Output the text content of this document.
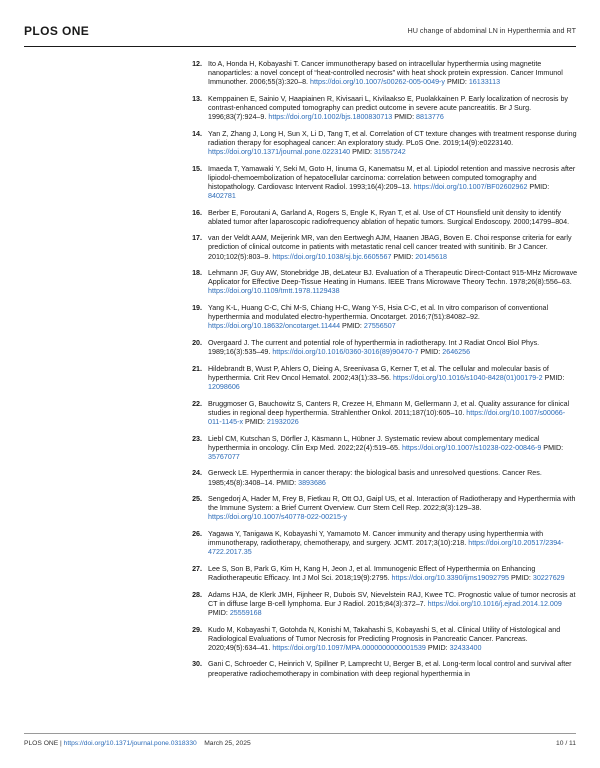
PLOS ONE	HU change of abdominal LN in Hyperthermia and RT
12. Ito A, Honda H, Kobayashi T. Cancer immunotherapy based on intracellular hyperthermia using magnetite nanoparticles: a novel concept of “heat-controlled necrosis” with heat shock protein expression. Cancer Immunol Immunother. 2006;55(3):320–8. https://doi.org/10.1007/s00262-005-0049-y PMID: 16133113
13. Kemppainen E, Sainio V, Haapiainen R, Kivisaari L, Kivilaakso E, Puolakkainen P. Early localization of necrosis by contrast-enhanced computed tomography can predict outcome in severe acute pancreatitis. Br J Surg. 1996;83(7):924–9. https://doi.org/10.1002/bjs.1800830713 PMID: 8813776
14. Yan Z, Zhang J, Long H, Sun X, Li D, Tang T, et al. Correlation of CT texture changes with treatment response during radiation therapy for esophageal cancer: An exploratory study. PLoS One. 2019;14(9):e0223140. https://doi.org/10.1371/journal.pone.0223140 PMID: 31557242
15. Imaeda T, Yamawaki Y, Seki M, Goto H, Iinuma G, Kanematsu M, et al. Lipiodol retention and massive necrosis after lipiodol-chemoembolization of hepatocellular carcinoma: correlation between computed tomography and histopathology. Cardiovasc Intervent Radiol. 1993;16(4):209–13. https://doi.org/10.1007/BF02602962 PMID: 8402781
16. Berber E, Foroutani A, Garland A, Rogers S, Engle K, Ryan T, et al. Use of CT Hounsfield unit density to identify ablated tumor after laparoscopic radiofrequency ablation of hepatic tumors. Surgical Endoscopy. 2000;14799–804.
17. van der Veldt AAM, Meijerink MR, van den Eertwegh AJM, Haanen JBAG, Boven E. Choi response criteria for early prediction of clinical outcome in patients with metastatic renal cell cancer treated with sunitinib. Br J Cancer. 2010;102(5):803–9. https://doi.org/10.1038/sj.bjc.6605567 PMID: 20145618
18. Lehmann JF, Guy AW, Stonebridge JB, deLateur BJ. Evaluation of a Therapeutic Direct-Contact 915-MHz Microwave Applicator for Effective Deep-Tissue Heating in Humans. IEEE Trans Microwave Theory Techn. 1978;26(8):556–63. https://doi.org/10.1109/tmtt.1978.1129438
19. Yang K-L, Huang C-C, Chi M-S, Chiang H-C, Wang Y-S, Hsia C-C, et al. In vitro comparison of conventional hyperthermia and modulated electro-hyperthermia. Oncotarget. 2016;7(51):84082–92. https://doi.org/10.18632/oncotarget.11444 PMID: 27556507
20. Overgaard J. The current and potential role of hyperthermia in radiotherapy. Int J Radiat Oncol Biol Phys. 1989;16(3):535–49. https://doi.org/10.1016/0360-3016(89)90470-7 PMID: 2646256
21. Hildebrandt B, Wust P, Ahlers O, Dieing A, Sreenivasa G, Kerner T, et al. The cellular and molecular basis of hyperthermia. Crit Rev Oncol Hematol. 2002;43(1):33–56. https://doi.org/10.1016/s1040-8428(01)00179-2 PMID: 12098606
22. Bruggmoser G, Bauchowitz S, Canters R, Crezee H, Ehmann M, Gellermann J, et al. Quality assurance for clinical studies in regional deep hyperthermia. Strahlenther Onkol. 2011;187(10):605–10. https://doi.org/10.1007/s00066-011-1145-x PMID: 21932026
23. Liebl CM, Kutschan S, Dörfler J, Käsmann L, Hübner J. Systematic review about complementary medical hyperthermia in oncology. Clin Exp Med. 2022;22(4):519–65. https://doi.org/10.1007/s10238-022-00846-9 PMID: 35767077
24. Gerweck LE. Hyperthermia in cancer therapy: the biological basis and unresolved questions. Cancer Res. 1985;45(8):3408–14. PMID: 3893686
25. Sengedorj A, Hader M, Frey B, Fietkau R, Ott OJ, Gaipl US, et al. Interaction of Radiotherapy and Hyperthermia with the Immune System: a Brief Current Overview. Curr Stem Cell Rep. 2022;8(3):129–38. https://doi.org/10.1007/s40778-022-00215-y
26. Yagawa Y, Tanigawa K, Kobayashi Y, Yamamoto M. Cancer immunity and therapy using hyperthermia with immunotherapy, radiotherapy, chemotherapy, and surgery. JCMT. 2017;3(10):218. https://doi.org/10.20517/2394-4722.2017.35
27. Lee S, Son B, Park G, Kim H, Kang H, Jeon J, et al. Immunogenic Effect of Hyperthermia on Enhancing Radiotherapeutic Efficacy. Int J Mol Sci. 2018;19(9):2795. https://doi.org/10.3390/ijms19092795 PMID: 30227629
28. Adams HJA, de Klerk JMH, Fijnheer R, Dubois SV, Nievelstein RAJ, Kwee TC. Prognostic value of tumor necrosis at CT in diffuse large B-cell lymphoma. Eur J Radiol. 2015;84(3):372–7. https://doi.org/10.1016/j.ejrad.2014.12.009 PMID: 25559168
29. Kudo M, Kobayashi T, Gotohda N, Konishi M, Takahashi S, Kobayashi S, et al. Clinical Utility of Histological and Radiological Evaluations of Tumor Necrosis for Predicting Prognosis in Pancreatic Cancer. Pancreas. 2020;49(5):634–41. https://doi.org/10.1097/MPA.0000000000001539 PMID: 32433400
30. Gani C, Schroeder C, Heinrich V, Spillner P, Lamprecht U, Berger B, et al. Long-term local control and survival after preoperative radiochemotherapy in combination with deep regional hyperthermia in
PLOS ONE | https://doi.org/10.1371/journal.pone.0318330 March 25, 2025	10 / 11
